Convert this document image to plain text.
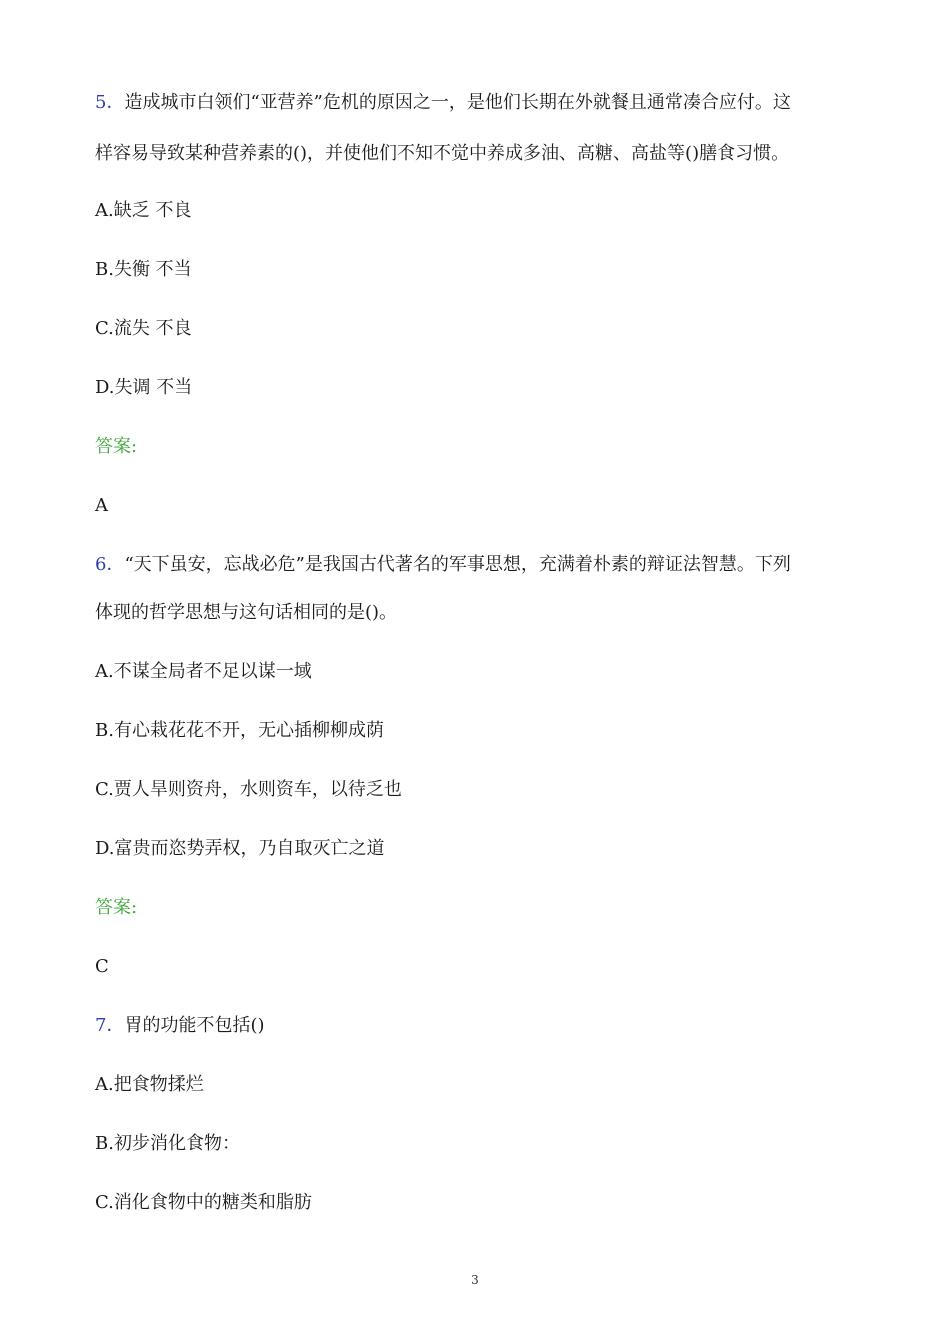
5．造成城市白领们“亚营养”危机的原因之一，是他们长期在外就餐且通常凑合应付。这
样容易导致某种营养素的()，并使他们不知不觉中养成多油、高糖、高盐等()膳食习惯。
A.缺乏 不良
B.失衡 不当
C.流失 不良
D.失调 不当
答案:
A
6．“天下虽安，忘战必危”是我国古代著名的军事思想，充满着朴素的辩证法智慧。下列
体现的哲学思想与这句话相同的是()。
A.不谋全局者不足以谋一域
B.有心栽花花不开，无心插柳柳成荫
C.贾人旱则资舟，水则资车，以待乏也
D.富贵而恣势弄权，乃自取灭亡之道
答案:
C
7．胃的功能不包括()
A.把食物揉烂
B.初步消化食物：
C.消化食物中的糖类和脂肪
3
